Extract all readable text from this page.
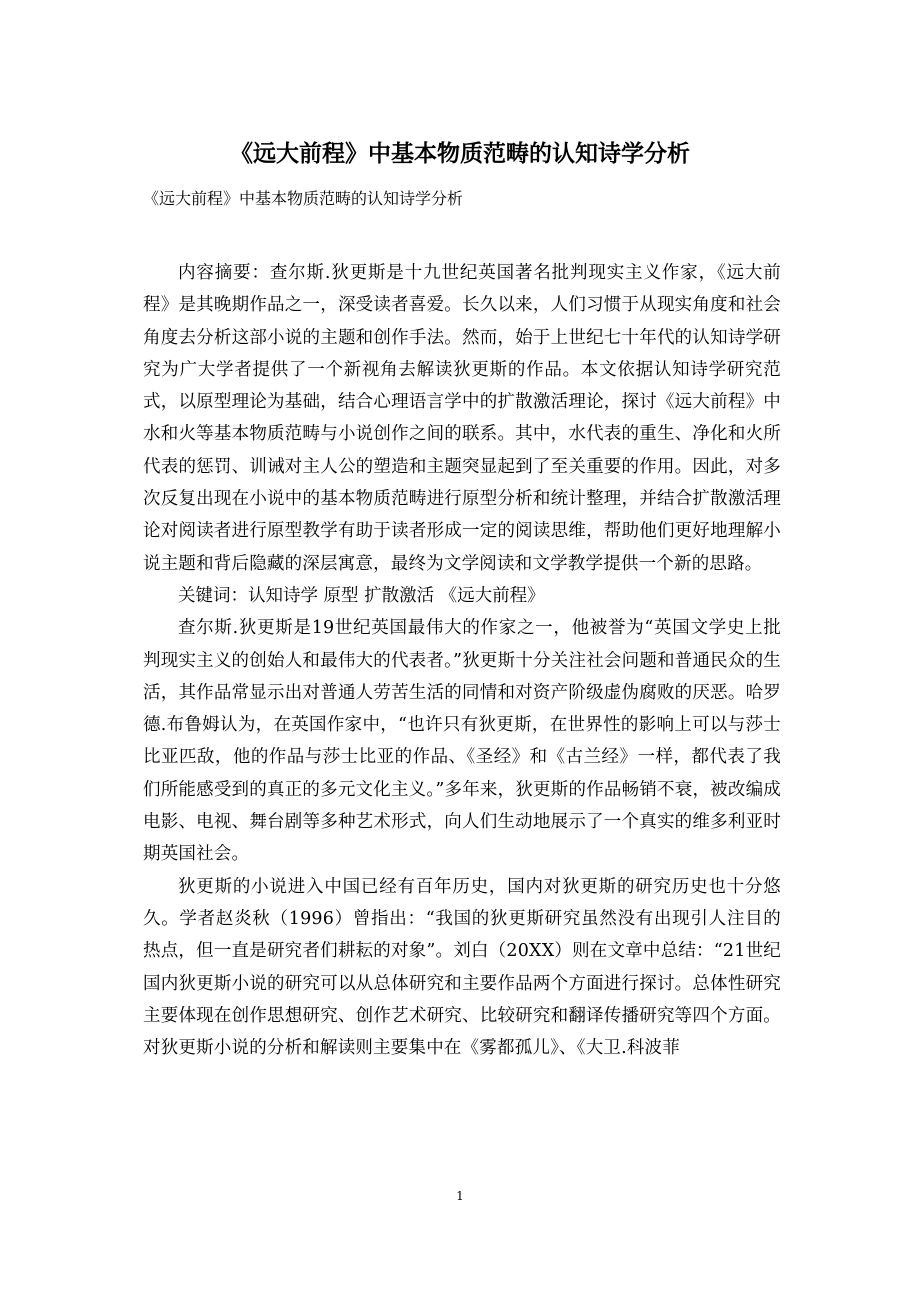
《远大前程》中基本物质范畴的认知诗学分析

《远大前程》中基本物质范畴的认知诗学分析

内容摘要：查尔斯.狄更斯是十九世纪英国著名批判现实主义作家，《远大前程》是其晚期作品之一，深受读者喜爱。长久以来，人们习惯于从现实角度和社会角度去分析这部小说的主题和创作手法。然而，始于上世纪七十年代的认知诗学研究为广大学者提供了一个新视角去解读狄更斯的作品。本文依据认知诗学研究范式，以原型理论为基础，结合心理语言学中的扩散激活理论，探讨《远大前程》中水和火等基本物质范畴与小说创作之间的联系。其中，水代表的重生、净化和火所代表的惩罚、训诫对主人公的塑造和主题突显起到了至关重要的作用。因此，对多次反复出现在小说中的基本物质范畴进行原型分析和统计整理，并结合扩散激活理论对阅读者进行原型教学有助于读者形成一定的阅读思维，帮助他们更好地理解小说主题和背后隐藏的深层寓意，最终为文学阅读和文学教学提供一个新的思路。

关键词：认知诗学 原型 扩散激活 《远大前程》

查尔斯.狄更斯是19世纪英国最伟大的作家之一，他被誉为“英国文学史上批判现实主义的创始人和最伟大的代表者。”狄更斯十分关注社会问题和普通民众的生活，其作品常显示出对普通人劳苦生活的同情和对资产阶级虚伪腐败的厌恶。哈罗德.布鲁姆认为，在英国作家中，“也许只有狄更斯，在世界性的影响上可以与莎士比亚匹敌，他的作品与莎士比亚的作品、《圣经》和《古兰经》一样，都代表了我们所能感受到的真正的多元文化主义。”多年来，狄更斯的作品畅销不衰，被改编成电影、电视、舞台剧等多种艺术形式，向人们生动地展示了一个真实的维多利亚时期英国社会。

狄更斯的小说进入中国已经有百年历史，国内对狄更斯的研究历史也十分悠久。学者赵炎秋（1996）曾指出：“我国的狄更斯研究虽然没有出现引人注目的热点，但一直是研究者们耕耘的对象”。刘白（20XX）则在文章中总结：“21世纪国内狄更斯小说的研究可以从总体研究和主要作品两个方面进行探讨。总体性研究主要体现在创作思想研究、创作艺术研究、比较研究和翻译传播研究等四个方面。对狄更斯小说的分析和解读则主要集中在《雾都孤儿》、《大卫.科波菲

1
